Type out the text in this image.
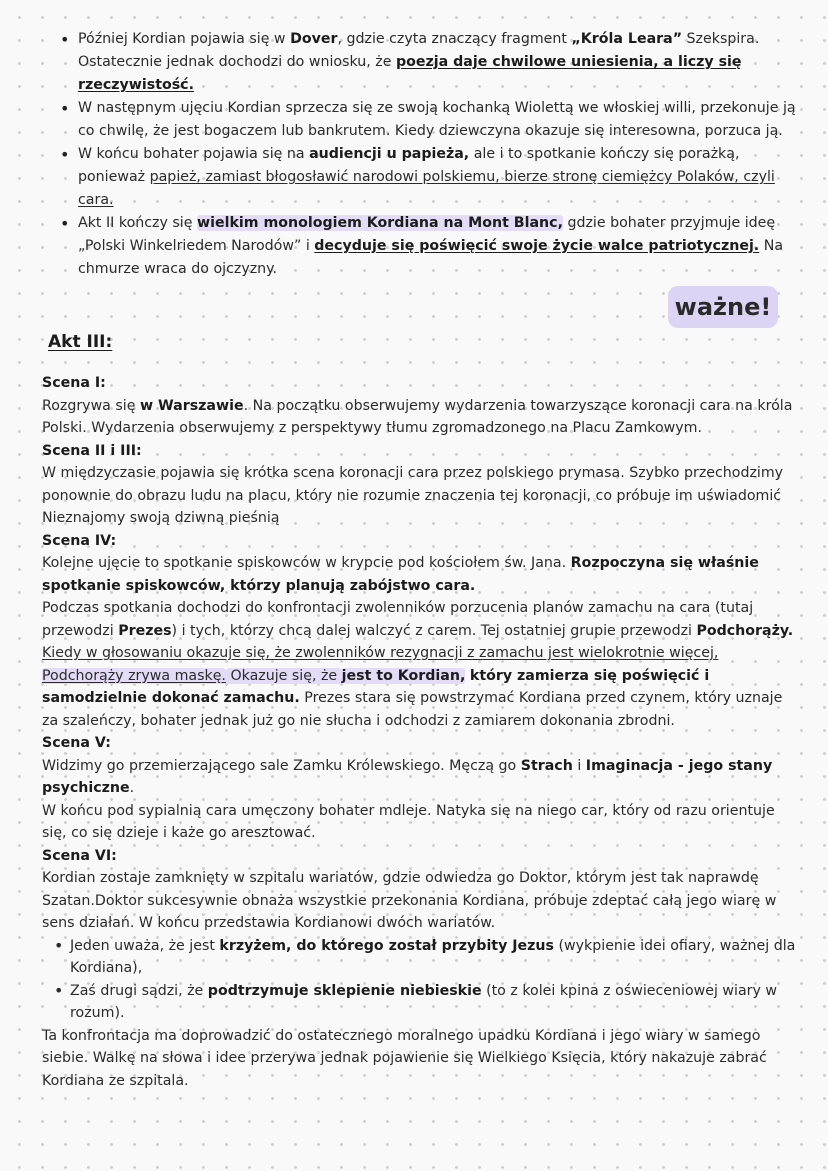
• Później Kordian pojawia się w Dover, gdzie czyta znaczący fragment „Króla Leara” Szekspira. Ostatecznie jednak dochodzi do wniosku, że poezja daje chwilowe uniesienia, a liczy się rzeczywistość.
• W następnym ujęciu Kordian sprzecza się ze swoją kochanką Wiolettą we włoskiej willi, przekonuje ją co chwilę, że jest bogaczem lub bankrutem. Kiedy dziewczyna okazuje się interesowna, porzuca ją.
• W końcu bohater pojawia się na audiencji u papieża, ale i to spotkanie kończy się porażką, ponieważ papież, zamiast błogosławić narodowi polskiemu, bierze stronę ciemiężcy Polaków, czyli cara.
• Akt II kończy się wielkim monologiem Kordiana na Mont Blanc, gdzie bohater przyjmuje ideę „Polski Winkelriedem Narodów” i decyduje się poświęcić swoje życie walce patriotycznej. Na chmurze wraca do ojczyzny.
ważne!
Akt III:

Scena I:

Rozgrywa się w Warszawie. Na początku obserwujemy wydarzenia towarzyszące koronacji cara na króla Polski. Wydarzenia obserwujemy z perspektywy tłumu zgromadzonego na Placu Zamkowym.

Scena II i III:

W międzyczasie pojawia się krótka scena koronacji cara przez polskiego prymasa. Szybko przechodzimy ponownie do obrazu ludu na placu, który nie rozumie znaczenia tej koronacji, co próbuje im uświadomić Nieznajomy swoją dziwną pieśnią

Scena IV:

Kolejne ujęcie to spotkanie spiskowców w krypcie pod kościołem św. Jana. Rozpoczyna się właśnie spotkanie spiskowców, którzy planują zabójstwo cara.

Podczas spotkania dochodzi do konfrontacji zwolenników porzucenia planów zamachu na cara (tutaj przewodzi Prezes) i tych, którzy chcą dalej walczyć z carem. Tej ostatniej grupie przewodzi Podchorąży. Kiedy w głosowaniu okazuje się, że zwolenników rezygnacji z zamachu jest wielokrotnie więcej, Podchorąży zrywa maskę. Okazuje się, że jest to Kordian, który zamierza się poświęcić i samodzielnie dokonać zamachu. Prezes stara się powstrzymać Kordiana przed czynem, który uznaje za szaleńczy, bohater jednak już go nie słucha i odchodzi z zamiarem dokonania zbrodni.

Scena V:

Widzimy go przemierzającego sale Zamku Królewskiego. Męczą go Strach i Imaginacja - jego stany psychiczne.

W końcu pod sypialnią cara umęczony bohater mdleje. Natyka się na niego car, który od razu orientuje się, co się dzieje i każe go aresztować.

Scena VI:

Kordian zostaje zamknięty w szpitalu wariatów, gdzie odwiedza go Doktor, którym jest tak naprawdę Szatan.Doktor sukcesywnie obnaża wszystkie przekonania Kordiana, próbuje zdeptać całą jego wiarę w sens działań. W końcu przedstawia Kordianowi dwóch wariatów.

• Jeden uważa, że jest krzyżem, do którego został przybity Jezus (wykpienie idei ofiary, ważnej dla Kordiana),
• Zaś drugi sądzi, że podtrzymuje sklepienie niebieskie (to z kolei kpina z oświeceniowej wiary w rozum).

Ta konfrontacja ma doprowadzić do ostatecznego moralnego upadku Kordiana i jego wiary w samego siebie. Walkę na słowa i idee przerywa jednak pojawienie się Wielkiego Księcia, który nakazuje zabrać Kordiana ze szpitala.
